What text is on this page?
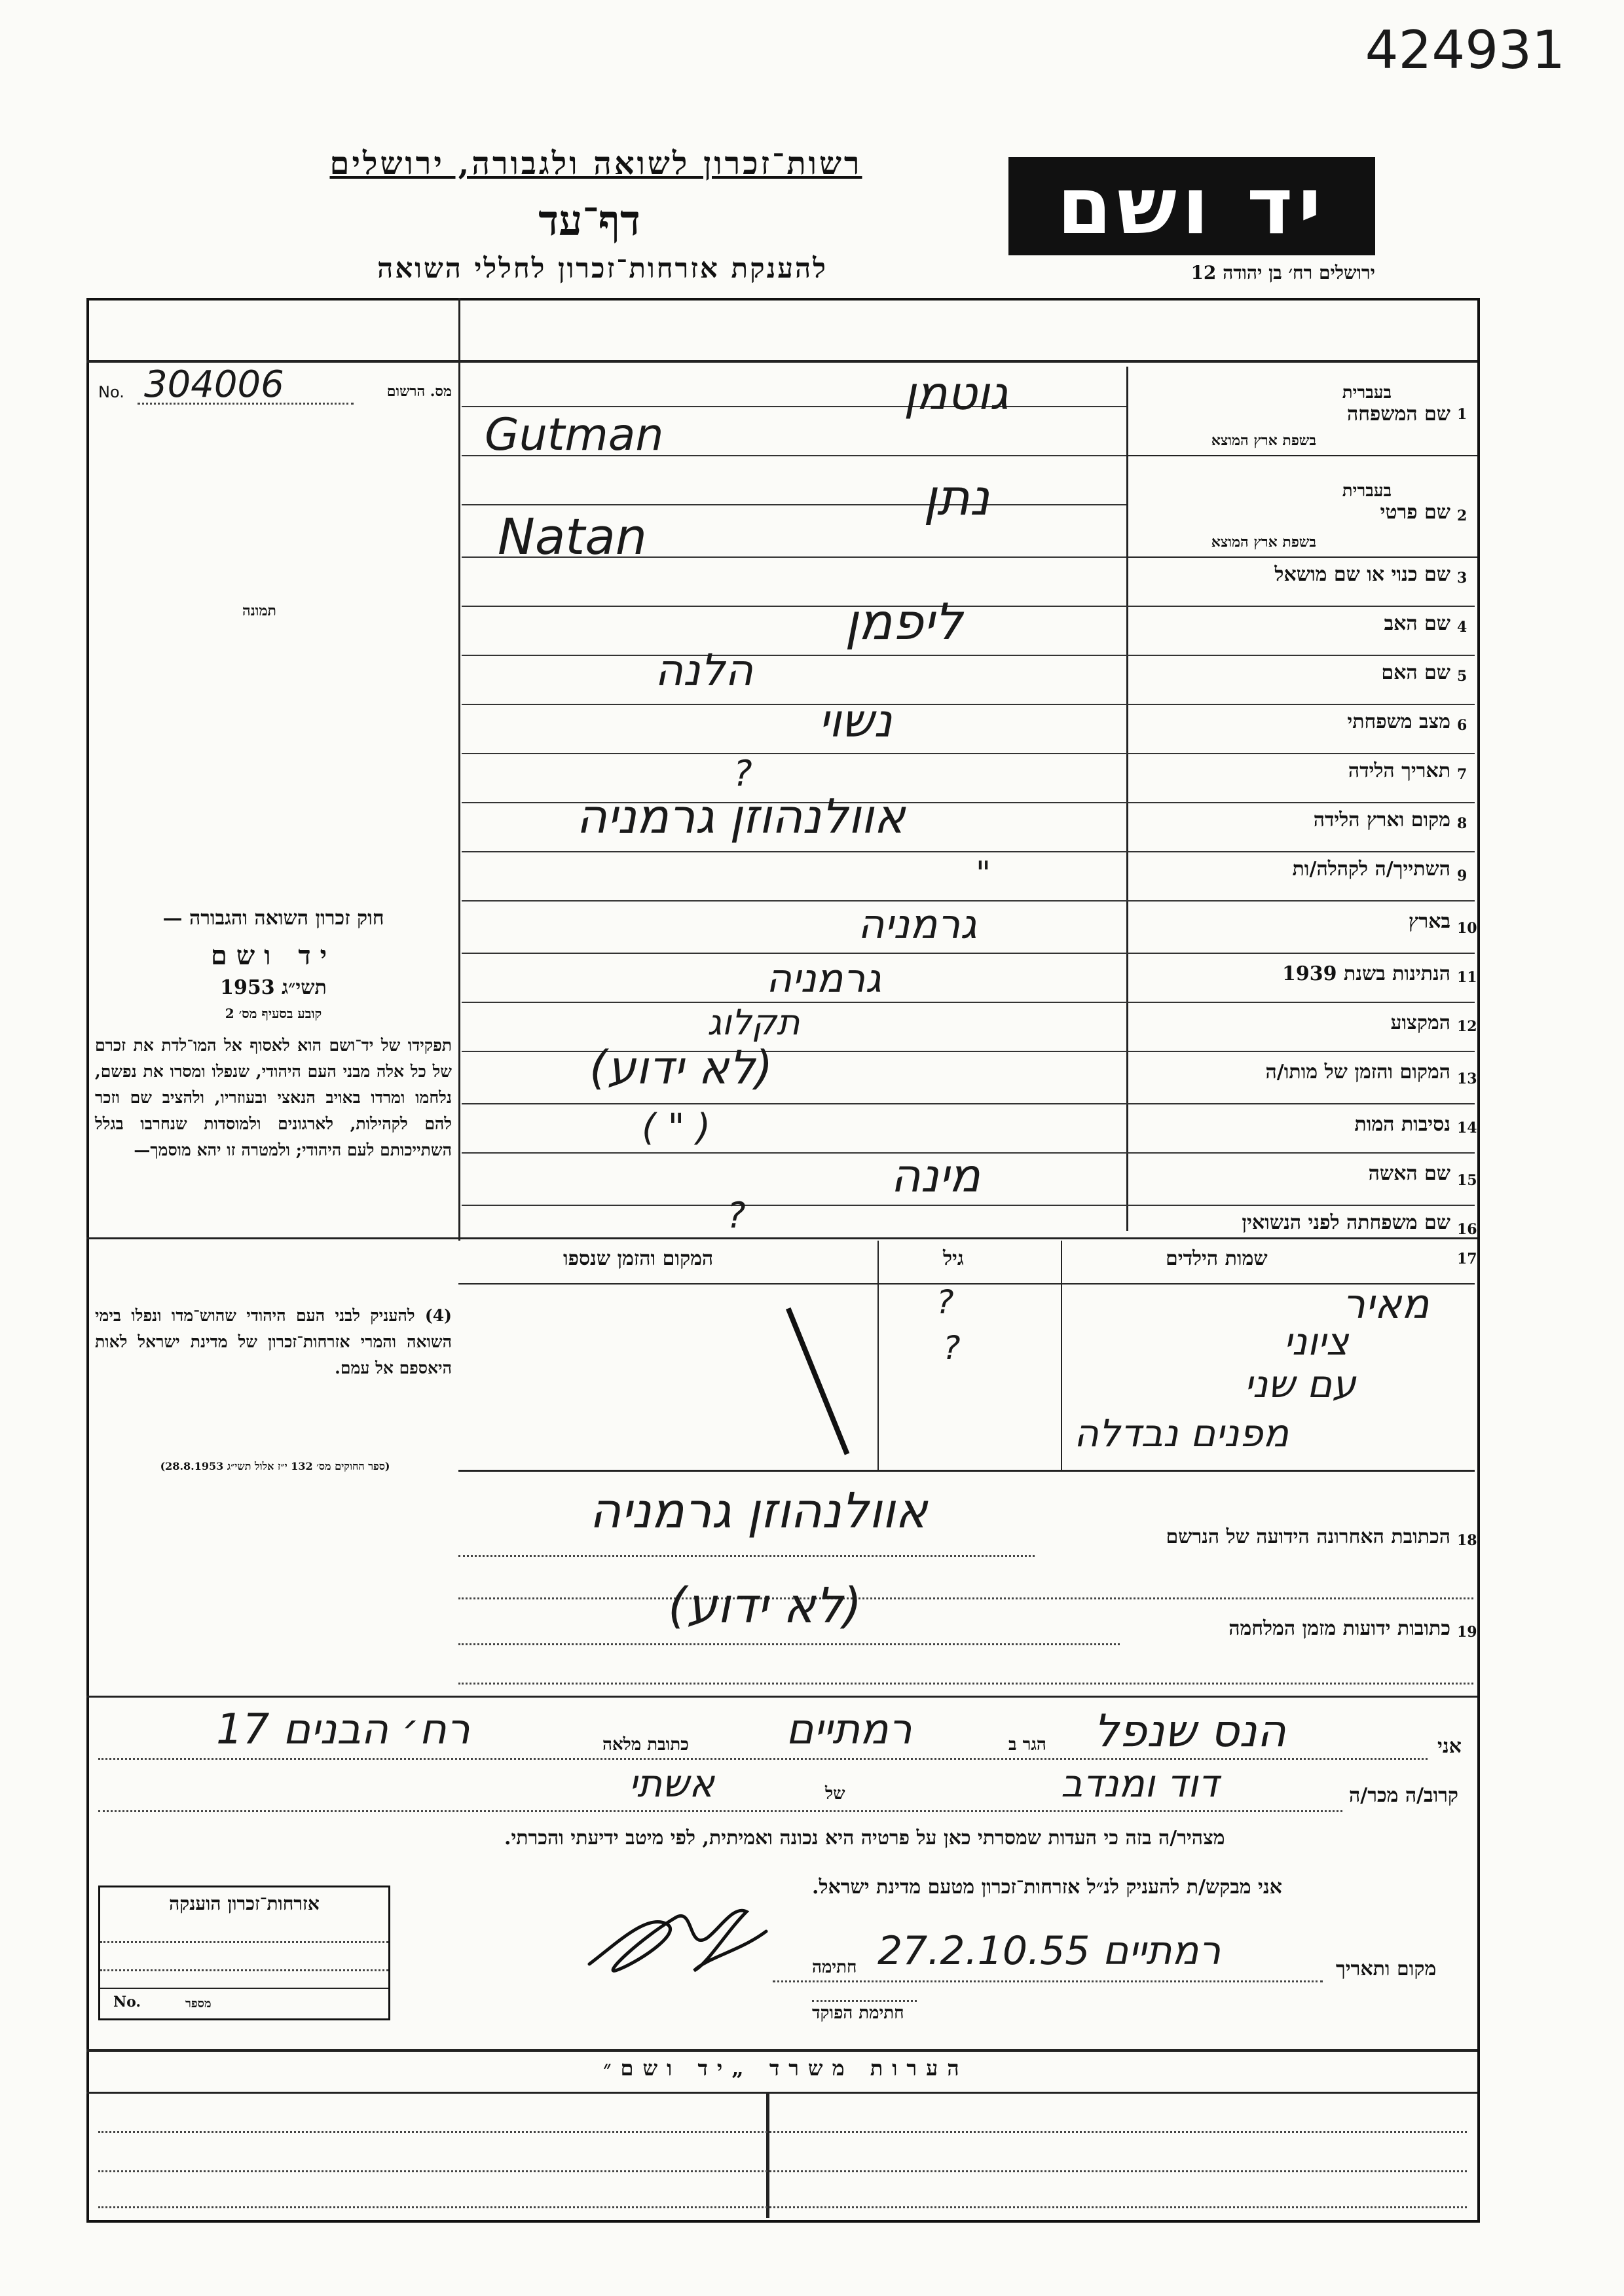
424931
רשות־זכרון לשואה ולגבורה, ירושלים
דף־עד
להענקת אזרחות־זכרון לחללי השואה
יד ושם
ירושלים רח׳ בן יהודה 12
מס. הרשום
No. 304006
תמונה
1
שם המשפחה
בעברית
בשפת ארץ המוצא
גוטמן
Gutman
2
שם פרטי
בעברית
בשפת ארץ המוצא
נתן
Natan
3
שם כנוי או שם מושאל
4
שם האב
ליפמן
5
שם האם
הלנה
6
מצב משפחתי
נשוי
7
תאריך הלידה
?
8
מקום וארץ הלידה
אוולנהוזן גרמניה
9
השתייך/ה לקהלה/ות
"
10
בארץ
גרמניה
11
הנתינות בשנת 1939
גרמניה
12
המקצוע
תקלוג
13
המקום והזמן של מותו/ה
(לא ידוע)
14
נסיבות המות
( " )
15
שם האשה
מינה
16
שם משפחתה לפני הנשואין
?
חוק זכרון השואה והגבורה —
יד ושם
תשי״ג 1953
קובע בסעיף מס׳ 2
תפקידו של יד־ושם הוא לאסוף אל המו־לדת את זכרם של כל אלה מבני העם היהודי, שנפלו ומסרו את נפשם, נלחמו ומרדו באויב הנאצי ובעוזריו, ולהציב שם וזכר להם לקהילות, לארגונים ולמוסדות שנחרבו בגלל השתייכותם לעם היהודי; ולמטרה זו יהא מוסמך—
(4) להעניק לבני העם היהודי שהוש־מדו ונפלו בימי השואה והמרי אזרחות־זכרון של מדינת ישראל לאות היאספם אל עמם.
(ספר החוקים מס׳ 132 י״ז אלול תשי״ג 28.8.1953)
17
שמות הילדים
גיל
המקום והזמן שנספו
מאיר
ציוני
עם שני
מפנים נבדלה
?
?
18
הכתובת האחרונה הידועה של הנרשם
אוולנהוזן גרמניה
19
כתובות ידועות מזמן המלחמה
(לא ידוע)
אני
הנס שנפל
הגר ב
רמתיים
כתובת מלאה
רח׳ הבנים 17
קרוב/ה מכר/ה
דוד ומנדב
של
אשתי
מצהיר/ה בזה כי העדות שמסרתי כאן על פרטיה היא נכונה ואמיתית, לפי מיטב ידיעתי והכרתי.
אני מבקש/ת להעניק לנ״ל אזרחות־זכרון מטעם מדינת ישראל.
מקום ותאריך
רמתיים 27.2.10.55
חתימה
חתימת הפוקד
אזרחות־זכרון הוענקה
No.	מספר
הערות משרד „יד ושם״
